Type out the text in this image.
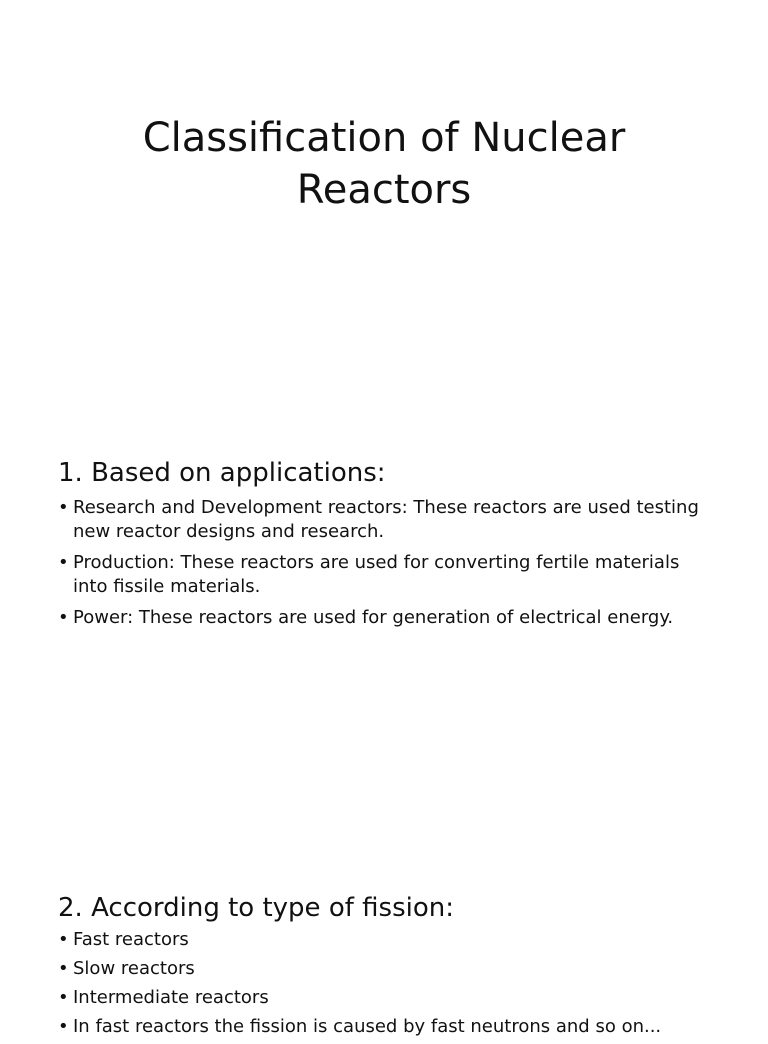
Classification of Nuclear
Reactors
1. Based on applications:
• Research and Development reactors: These reactors are used testing new reactor designs and research.
• Production: These reactors are used for converting fertile materials into fissile materials.
• Power: These reactors are used for generation of electrical energy.
2. According to type of fission:
• Fast reactors
• Slow reactors
• Intermediate reactors
• In fast reactors the fission is caused by fast neutrons and so on...
